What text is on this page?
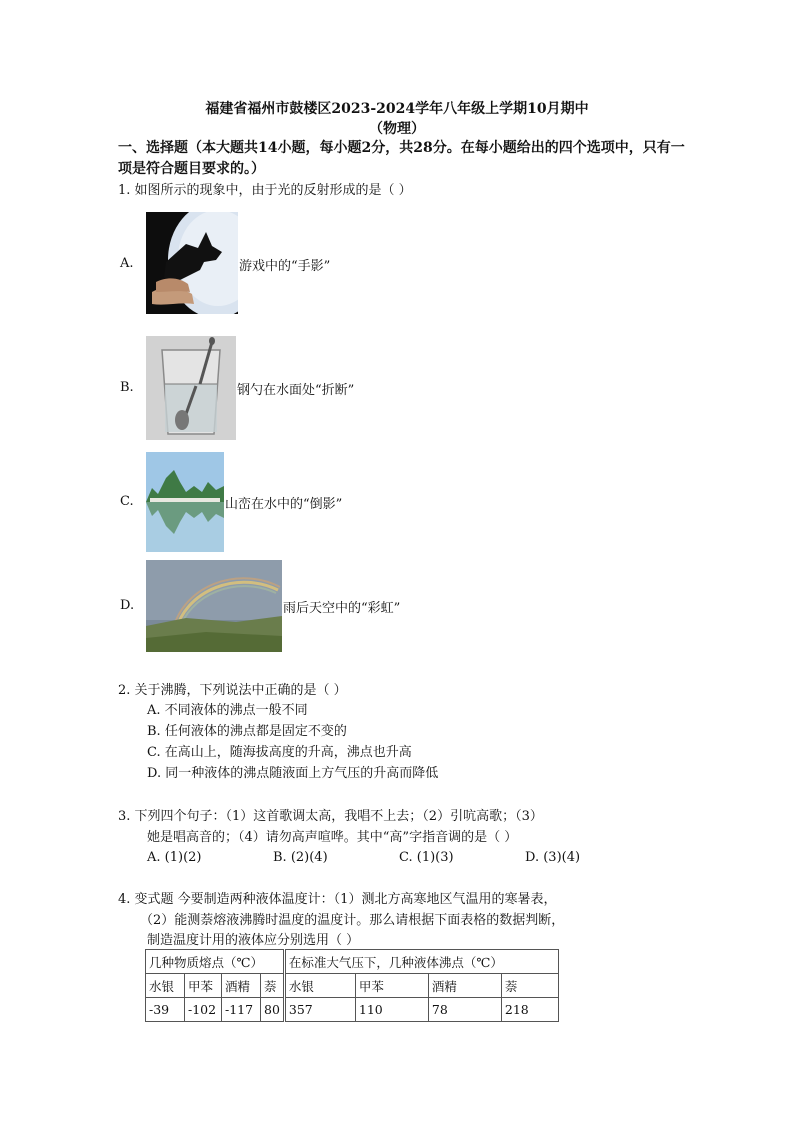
福建省福州市鼓楼区2023-2024学年八年级上学期10月期中
（物理）
一、选择题（本大题共14小题，每小题2分，共28分。在每小题给出的四个选项中，只有一项是符合题目要求的。）
1. 如图所示的现象中，由于光的反射形成的是（ ）
A.	游戏中的“手影”
B.	钢勺在水面处“折断”
C.	山峦在水中的“倒影”
D.	雨后天空中的“彩虹”
2. 关于沸腾，下列说法中正确的是（ ）
A. 不同液体的沸点一般不同
B. 任何液体的沸点都是固定不变的
C. 在高山上，随海拔高度的升高，沸点也升高
D. 同一种液体的沸点随液面上方气压的升高而降低
3. 下列四个句子：（1）这首歌调太高，我唱不上去；（2）引吭高歌；（3）
她是唱高音的；（4）请勿高声喧哗。其中“高”字指音调的是（ ）
A. (1)(2)	B. (2)(4)	C. (1)(3)	D. (3)(4)
4. 变式题 今要制造两种液体温度计：（1）测北方高寒地区气温用的寒暑表，
（2）能测萘熔液沸腾时温度的温度计。那么请根据下面表格的数据判断，
制造温度计用的液体应分别选用（ ）
几种物质熔点（℃）				在标准大气压下，几种液体沸点（℃）			
水银	甲苯	酒精	萘	水银	甲苯	酒精	萘
-39	-102	-117	80	357	110	78	218
